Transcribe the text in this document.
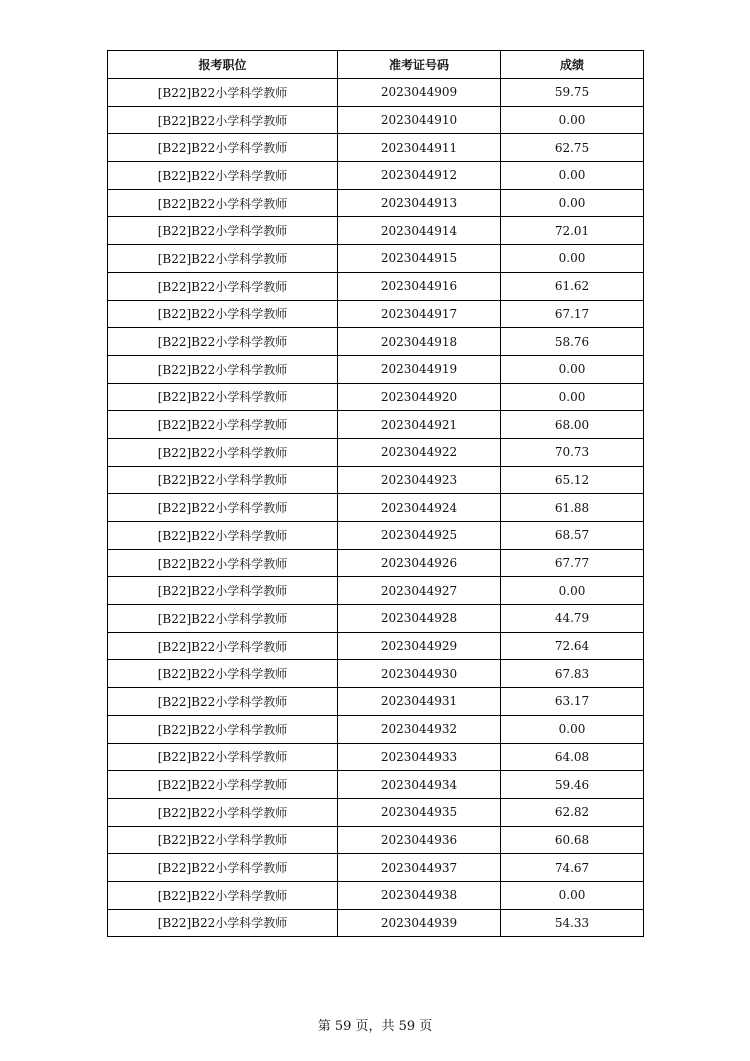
报考职位	准考证号码	成绩
[B22]B22小学科学教师	2023044909	59.75
[B22]B22小学科学教师	2023044910	0.00
[B22]B22小学科学教师	2023044911	62.75
[B22]B22小学科学教师	2023044912	0.00
[B22]B22小学科学教师	2023044913	0.00
[B22]B22小学科学教师	2023044914	72.01
[B22]B22小学科学教师	2023044915	0.00
[B22]B22小学科学教师	2023044916	61.62
[B22]B22小学科学教师	2023044917	67.17
[B22]B22小学科学教师	2023044918	58.76
[B22]B22小学科学教师	2023044919	0.00
[B22]B22小学科学教师	2023044920	0.00
[B22]B22小学科学教师	2023044921	68.00
[B22]B22小学科学教师	2023044922	70.73
[B22]B22小学科学教师	2023044923	65.12
[B22]B22小学科学教师	2023044924	61.88
[B22]B22小学科学教师	2023044925	68.57
[B22]B22小学科学教师	2023044926	67.77
[B22]B22小学科学教师	2023044927	0.00
[B22]B22小学科学教师	2023044928	44.79
[B22]B22小学科学教师	2023044929	72.64
[B22]B22小学科学教师	2023044930	67.83
[B22]B22小学科学教师	2023044931	63.17
[B22]B22小学科学教师	2023044932	0.00
[B22]B22小学科学教师	2023044933	64.08
[B22]B22小学科学教师	2023044934	59.46
[B22]B22小学科学教师	2023044935	62.82
[B22]B22小学科学教师	2023044936	60.68
[B22]B22小学科学教师	2023044937	74.67
[B22]B22小学科学教师	2023044938	0.00
[B22]B22小学科学教师	2023044939	54.33
第 59 页，共 59 页
